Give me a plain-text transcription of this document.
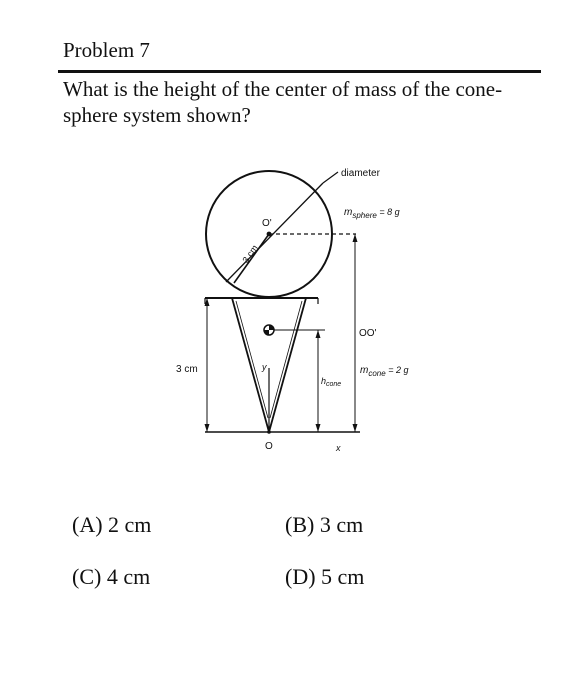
Problem 7
What is the height of the center of mass of the cone-
sphere system shown?
diameter
O'
3 cm
$m_{sphere} = 8$ g
OO'
3 cm	y
$h_{cone}$
$m_{cone} = 2$ g
O	x
(A) 2 cm	(B) 3 cm
(C) 4 cm	(D) 5 cm
